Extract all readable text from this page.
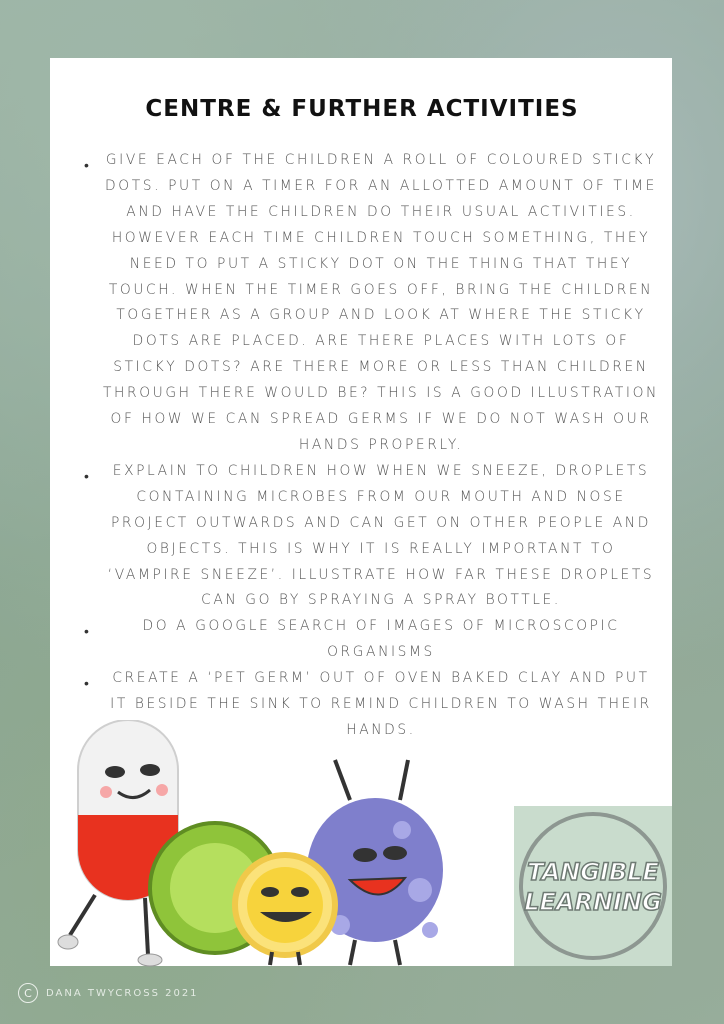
CENTRE & FURTHER ACTIVITIES
• GIVE EACH OF THE CHILDREN A ROLL OF COLOURED STICKY DOTS. PUT ON A TIMER FOR AN ALLOTTED AMOUNT OF TIME AND HAVE THE CHILDREN DO THEIR USUAL ACTIVITIES. HOWEVER EACH TIME CHILDREN TOUCH SOMETHING, THEY NEED TO PUT A STICKY DOT ON THE THING THAT THEY TOUCH. WHEN THE TIMER GOES OFF, BRING THE CHILDREN TOGETHER AS A GROUP AND LOOK AT WHERE THE STICKY DOTS ARE PLACED. ARE THERE PLACES WITH LOTS OF STICKY DOTS? ARE THERE MORE OR LESS THAN CHILDREN THROUGH THERE WOULD BE? THIS IS A GOOD ILLUSTRATION OF HOW WE CAN SPREAD GERMS IF WE DO NOT WASH OUR HANDS PROPERLY.
• EXPLAIN TO CHILDREN HOW WHEN WE SNEEZE, DROPLETS CONTAINING MICROBES FROM OUR MOUTH AND NOSE PROJECT OUTWARDS AND CAN GET ON OTHER PEOPLE AND OBJECTS. THIS IS WHY IT IS REALLY IMPORTANT TO ‘VAMPIRE SNEEZE’. ILLUSTRATE HOW FAR THESE DROPLETS CAN GO BY SPRAYING A SPRAY BOTTLE.
•	DO A GOOGLE SEARCH OF IMAGES OF MICROSCOPIC ORGANISMS
• CREATE A ‘PET GERM’ OUT OF OVEN BAKED CLAY AND PUT IT BESIDE THE SINK TO REMIND CHILDREN TO WASH THEIR HANDS.
TANGIBLE
LEARNING
C	DANA TWYCROSS 2021
